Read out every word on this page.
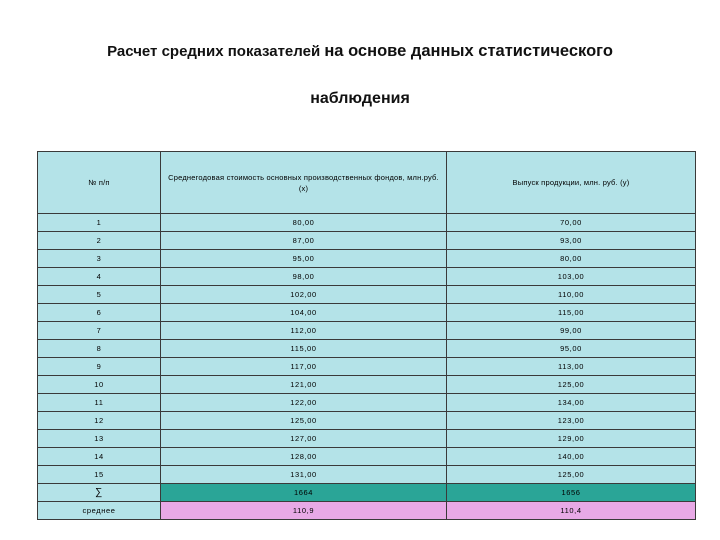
Расчет средних показателей на основе данных статистического
наблюдения
№ п/п	Среднегодовая стоимость основных производственных фондов, млн.руб. (x)	Выпуск продукции, млн. руб. (y)
1	80,00	70,00
2	87,00	93,00
3	95,00	80,00
4	98,00	103,00
5	102,00	110,00
6	104,00	115,00
7	112,00	99,00
8	115,00	95,00
9	117,00	113,00
10	121,00	125,00
11	122,00	134,00
12	125,00	123,00
13	127,00	129,00
14	128,00	140,00
15	131,00	125,00
∑	1664	1656
среднее	110,9	110,4
